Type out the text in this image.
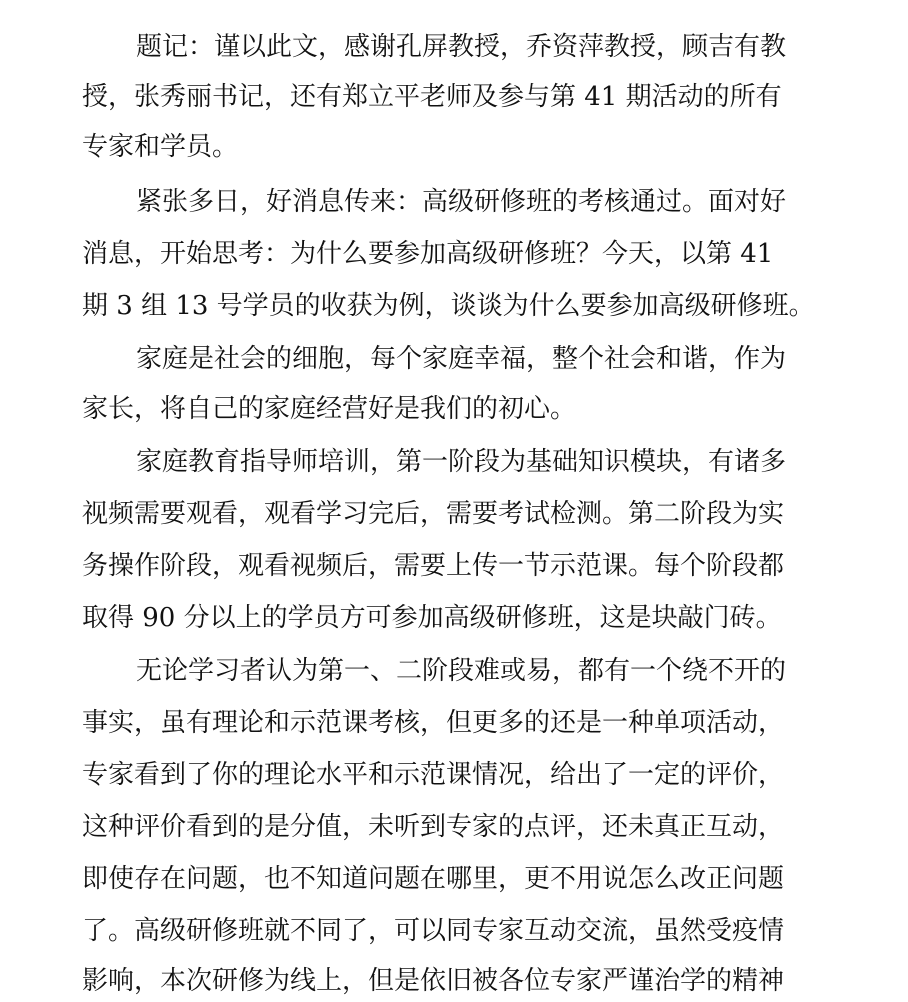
题记：谨以此文，感谢孔屏教授，乔资萍教授，顾吉有教
授，张秀丽书记，还有郑立平老师及参与第 41 期活动的所有
专家和学员。
紧张多日，好消息传来：高级研修班的考核通过。面对好
消息，开始思考：为什么要参加高级研修班？今天，以第 41
期 3 组 13 号学员的收获为例，谈谈为什么要参加高级研修班。
家庭是社会的细胞，每个家庭幸福，整个社会和谐，作为
家长，将自己的家庭经营好是我们的初心。
家庭教育指导师培训，第一阶段为基础知识模块，有诸多
视频需要观看，观看学习完后，需要考试检测。第二阶段为实
务操作阶段，观看视频后，需要上传一节示范课。每个阶段都
取得 90 分以上的学员方可参加高级研修班，这是块敲门砖。
无论学习者认为第一、二阶段难或易，都有一个绕不开的
事实，虽有理论和示范课考核，但更多的还是一种单项活动，
专家看到了你的理论水平和示范课情况，给出了一定的评价，
这种评价看到的是分值，未听到专家的点评，还未真正互动，
即使存在问题，也不知道问题在哪里，更不用说怎么改正问题
了。高级研修班就不同了，可以同专家互动交流，虽然受疫情
影响，本次研修为线上，但是依旧被各位专家严谨治学的精神
